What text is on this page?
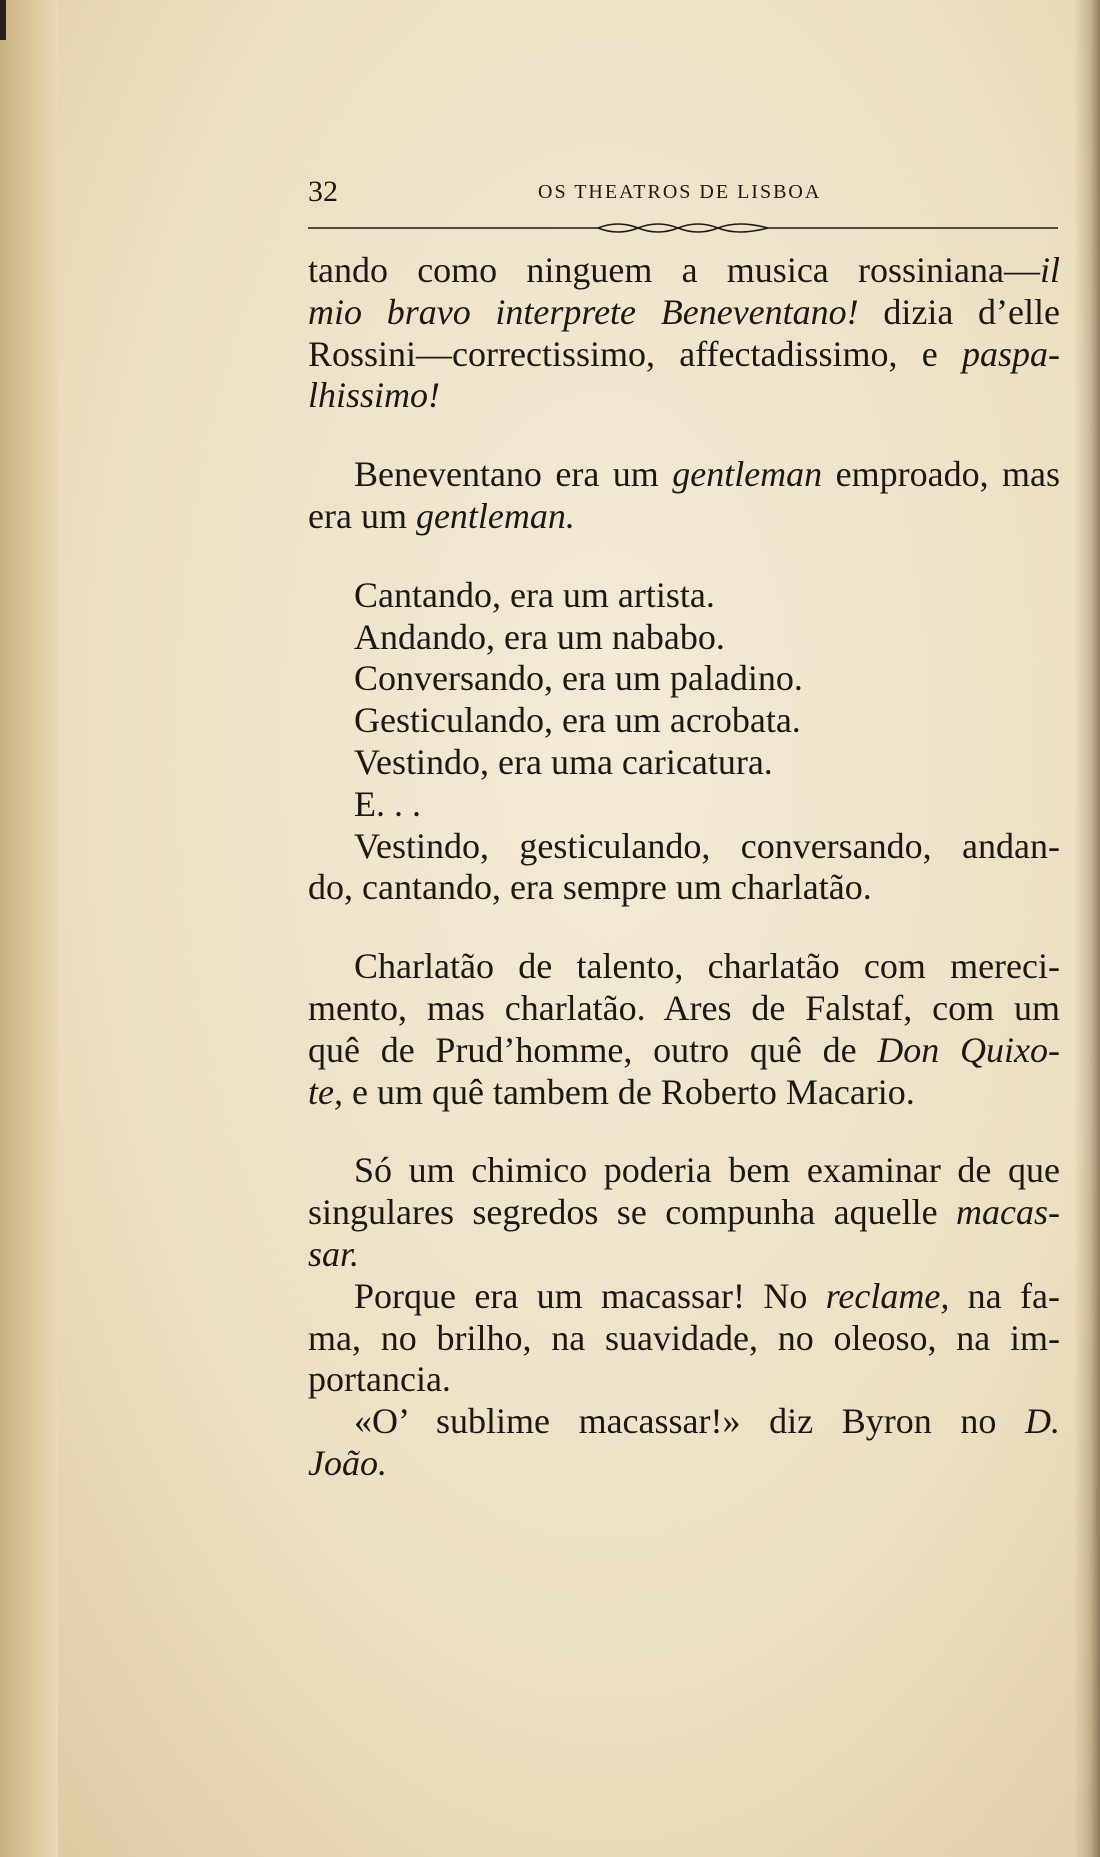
32	OS THEATROS DE LISBOA
tando como ninguem a musica rossiniana—il
mio bravo interprete Beneventano! dizia d’elle
Rossini—correctissimo, affectadissimo, e paspa-
lhissimo!
Beneventano era um gentleman emproado, mas
era um gentleman.
Cantando, era um artista.
Andando, era um nababo.
Conversando, era um paladino.
Gesticulando, era um acrobata.
Vestindo, era uma caricatura.
E. . .
Vestindo, gesticulando, conversando, andan-
do, cantando, era sempre um charlatão.
Charlatão de talento, charlatão com mereci-
mento, mas charlatão. Ares de Falstaf, com um
quê de Prud’homme, outro quê de Don Quixo-
te, e um quê tambem de Roberto Macario.
Só um chimico poderia bem examinar de que
singulares segredos se compunha aquelle macas-
sar.
Porque era um macassar! No reclame, na fa-
ma, no brilho, na suavidade, no oleoso, na im-
portancia.
«O’ sublime macassar!» diz Byron no D.
João.
